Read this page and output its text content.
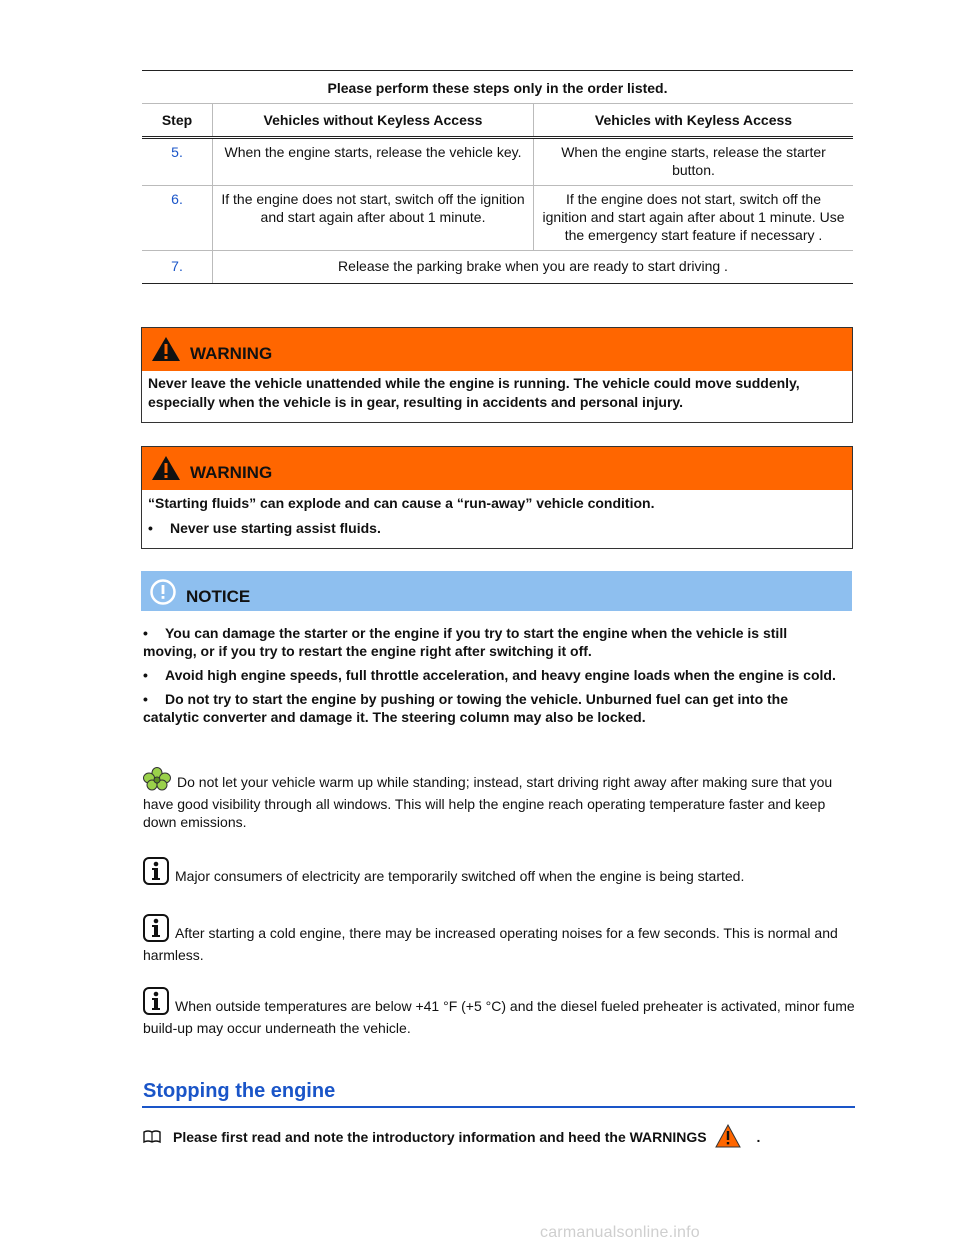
Please perform these steps only in the order listed.		
Step	Vehicles without Keyless Access	Vehicles with Keyless Access
5.	When the engine starts, release the vehicle key.	When the engine starts, release the starter button.
6.	If the engine does not start, switch off the ignition and start again after about 1 minute.	If the engine does not start, switch off the ignition and start again after about 1 minute. Use the emergency start feature if necessary .
7.	Release the parking brake when you are ready to start driving .	
WARNING

Never leave the vehicle unattended while the engine is running. The vehicle could move suddenly, especially when the vehicle is in gear, resulting in accidents and personal injury.

WARNING

“Starting fluids” can explode and can cause a “run-away” vehicle condition.

• Never use starting assist fluids.

NOTICE

• You can damage the starter or the engine if you try to start the engine when the vehicle is still moving, or if you try to restart the engine right after switching it off.

• Avoid high engine speeds, full throttle acceleration, and heavy engine loads when the engine is cold.

• Do not try to start the engine by pushing or towing the vehicle. Unburned fuel can get into the catalytic converter and damage it. The steering column may also be locked.

Do not let your vehicle warm up while standing; instead, start driving right away after making sure that you have good visibility through all windows. This will help the engine reach operating temperature faster and keep down emissions.
Major consumers of electricity are temporarily switched off when the engine is being started.
After starting a cold engine, there may be increased operating noises for a few seconds. This is normal and harmless.
When outside temperatures are below +41 °F (+5 °C) and the diesel fueled preheater is activated, minor fume build-up may occur underneath the vehicle.
Stopping the engine
Please first read and note the introductory information and heed the WARNINGS	.
carmanualsonline.info
